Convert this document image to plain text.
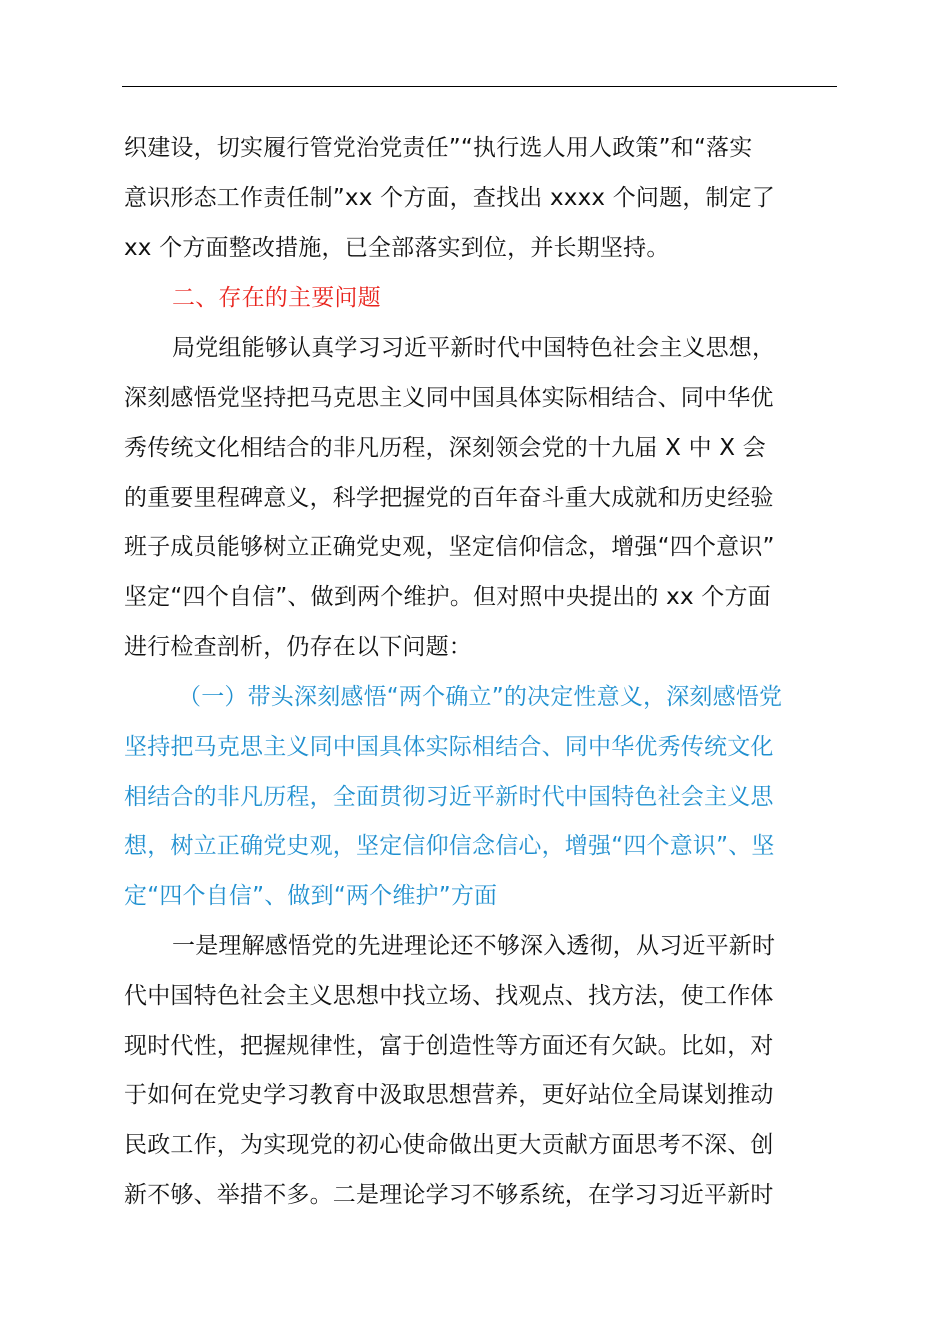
织建设，切实履行管党治党责任”“执行选人用人政策”和“落实
意识形态工作责任制”xx 个方面，查找出 xxxx 个问题，制定了
xx 个方面整改措施，已全部落实到位，并长期坚持。
二、存在的主要问题
局党组能够认真学习习近平新时代中国特色社会主义思想，
深刻感悟党坚持把马克思主义同中国具体实际相结合、同中华优
秀传统文化相结合的非凡历程，深刻领会党的十九届 X 中 X 会
的重要里程碑意义，科学把握党的百年奋斗重大成就和历史经验
班子成员能够树立正确党史观，坚定信仰信念，增强“四个意识”
坚定“四个自信”、做到两个维护。但对照中央提出的 xx 个方面
进行检查剖析，仍存在以下问题：
（一）带头深刻感悟“两个确立”的决定性意义，深刻感悟党
坚持把马克思主义同中国具体实际相结合、同中华优秀传统文化
相结合的非凡历程，全面贯彻习近平新时代中国特色社会主义思
想，树立正确党史观，坚定信仰信念信心，增强“四个意识”、坚
定“四个自信”、做到“两个维护”方面
一是理解感悟党的先进理论还不够深入透彻，从习近平新时
代中国特色社会主义思想中找立场、找观点、找方法，使工作体
现时代性，把握规律性，富于创造性等方面还有欠缺。比如，对
于如何在党史学习教育中汲取思想营养，更好站位全局谋划推动
民政工作，为实现党的初心使命做出更大贡献方面思考不深、创
新不够、举措不多。二是理论学习不够系统，在学习习近平新时
